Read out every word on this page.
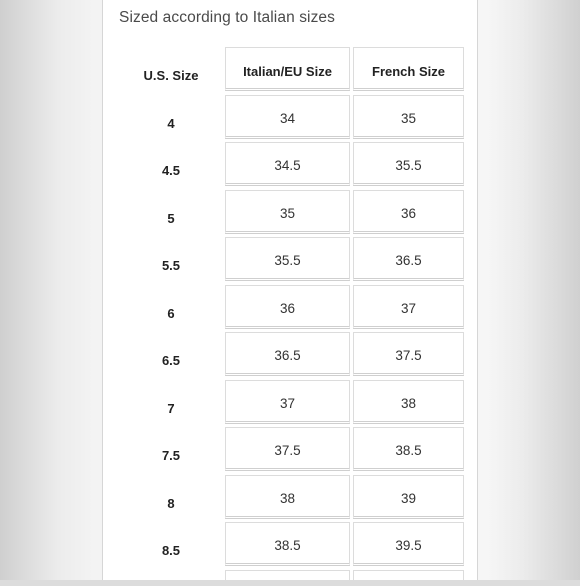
Sized according to Italian sizes
U.S. Size	Italian/EU Size	French Size
4	34	35
4.5	34.5	35.5
5	35	36
5.5	35.5	36.5
6	36	37
6.5	36.5	37.5
7	37	38
7.5	37.5	38.5
8	38	39
8.5	38.5	39.5
